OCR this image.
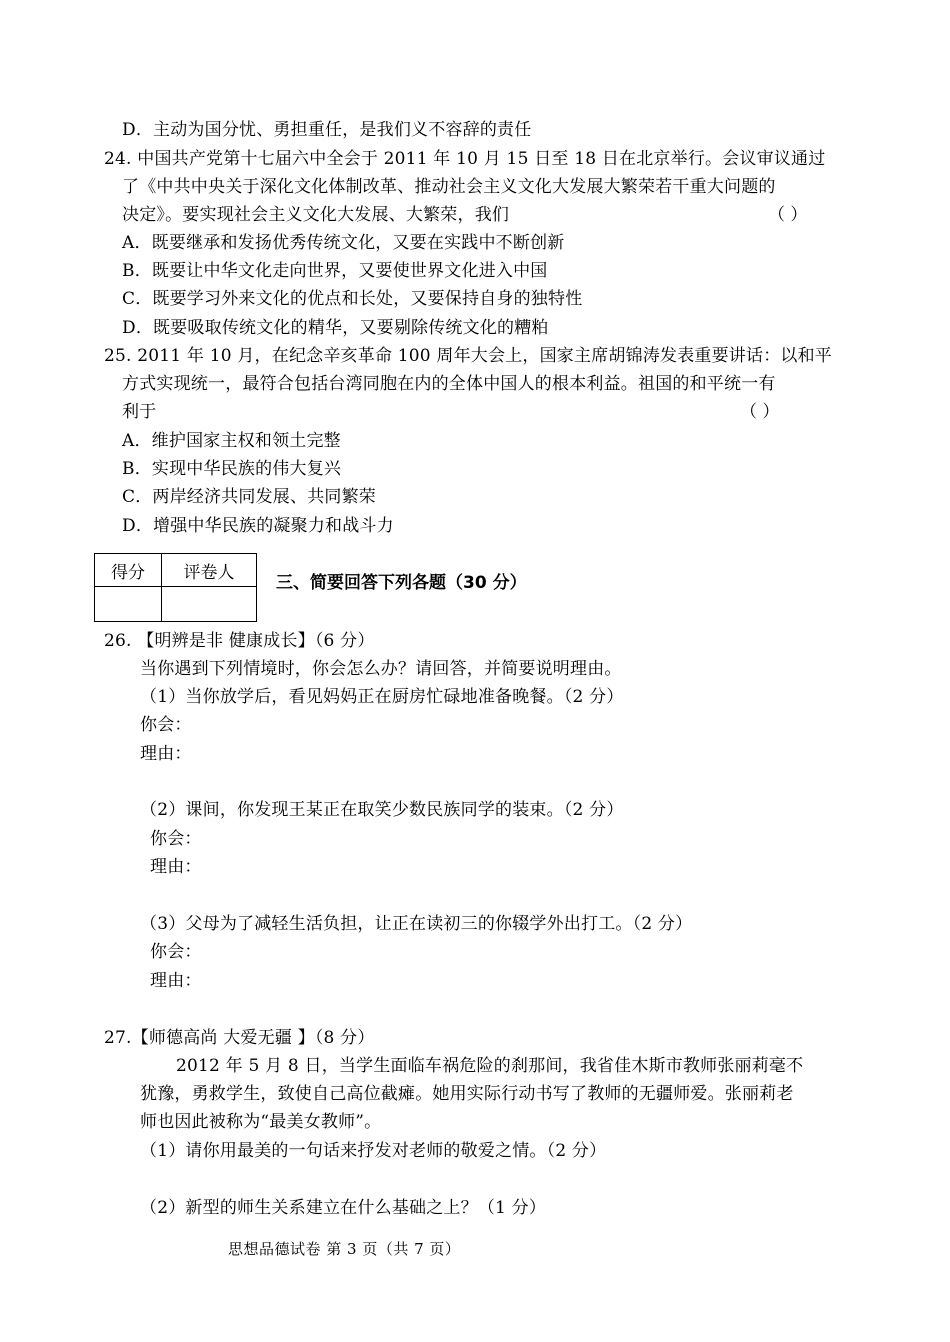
D．主动为国分忧、勇担重任，是我们义不容辞的责任
24. 中国共产党第十七届六中全会于 2011 年 10 月 15 日至 18 日在北京举行。会议审议通过
了《中共中央关于深化文化体制改革、推动社会主义文化大发展大繁荣若干重大问题的
决定》。要实现社会主义文化大发展、大繁荣，我们	（ ）
A．既要继承和发扬优秀传统文化，又要在实践中不断创新
B．既要让中华文化走向世界，又要使世界文化进入中国
C．既要学习外来文化的优点和长处，又要保持自身的独特性
D．既要吸取传统文化的精华，又要剔除传统文化的糟粕
25. 2011 年 10 月，在纪念辛亥革命 100 周年大会上，国家主席胡锦涛发表重要讲话：以和平
方式实现统一，最符合包括台湾同胞在内的全体中国人的根本利益。祖国的和平统一有
利于	（ ）
A．维护国家主权和领土完整
B．实现中华民族的伟大复兴
C．两岸经济共同发展、共同繁荣
D．增强中华民族的凝聚力和战斗力
得分	评卷人

三、简要回答下列各题（30 分）
26. 【明辨是非 健康成长】（6 分）
当你遇到下列情境时，你会怎么办？请回答，并简要说明理由。
（1）当你放学后，看见妈妈正在厨房忙碌地准备晚餐。（2 分）
你会：
理由：
（2）课间，你发现王某正在取笑少数民族同学的装束。（2 分）
你会：
理由：
（3）父母为了减轻生活负担，让正在读初三的你辍学外出打工。（2 分）
你会：
理由：
27.【师德高尚 大爱无疆 】（8 分）
2012 年 5 月 8 日，当学生面临车祸危险的刹那间，我省佳木斯市教师张丽莉毫不
犹豫，勇救学生，致使自己高位截瘫。她用实际行动书写了教师的无疆师爱。张丽莉老
师也因此被称为“最美女教师”。
（1）请你用最美的一句话来抒发对老师的敬爱之情。（2 分）
（2）新型的师生关系建立在什么基础之上？（1 分）
思想品德试卷 第 3 页（共 7 页）
